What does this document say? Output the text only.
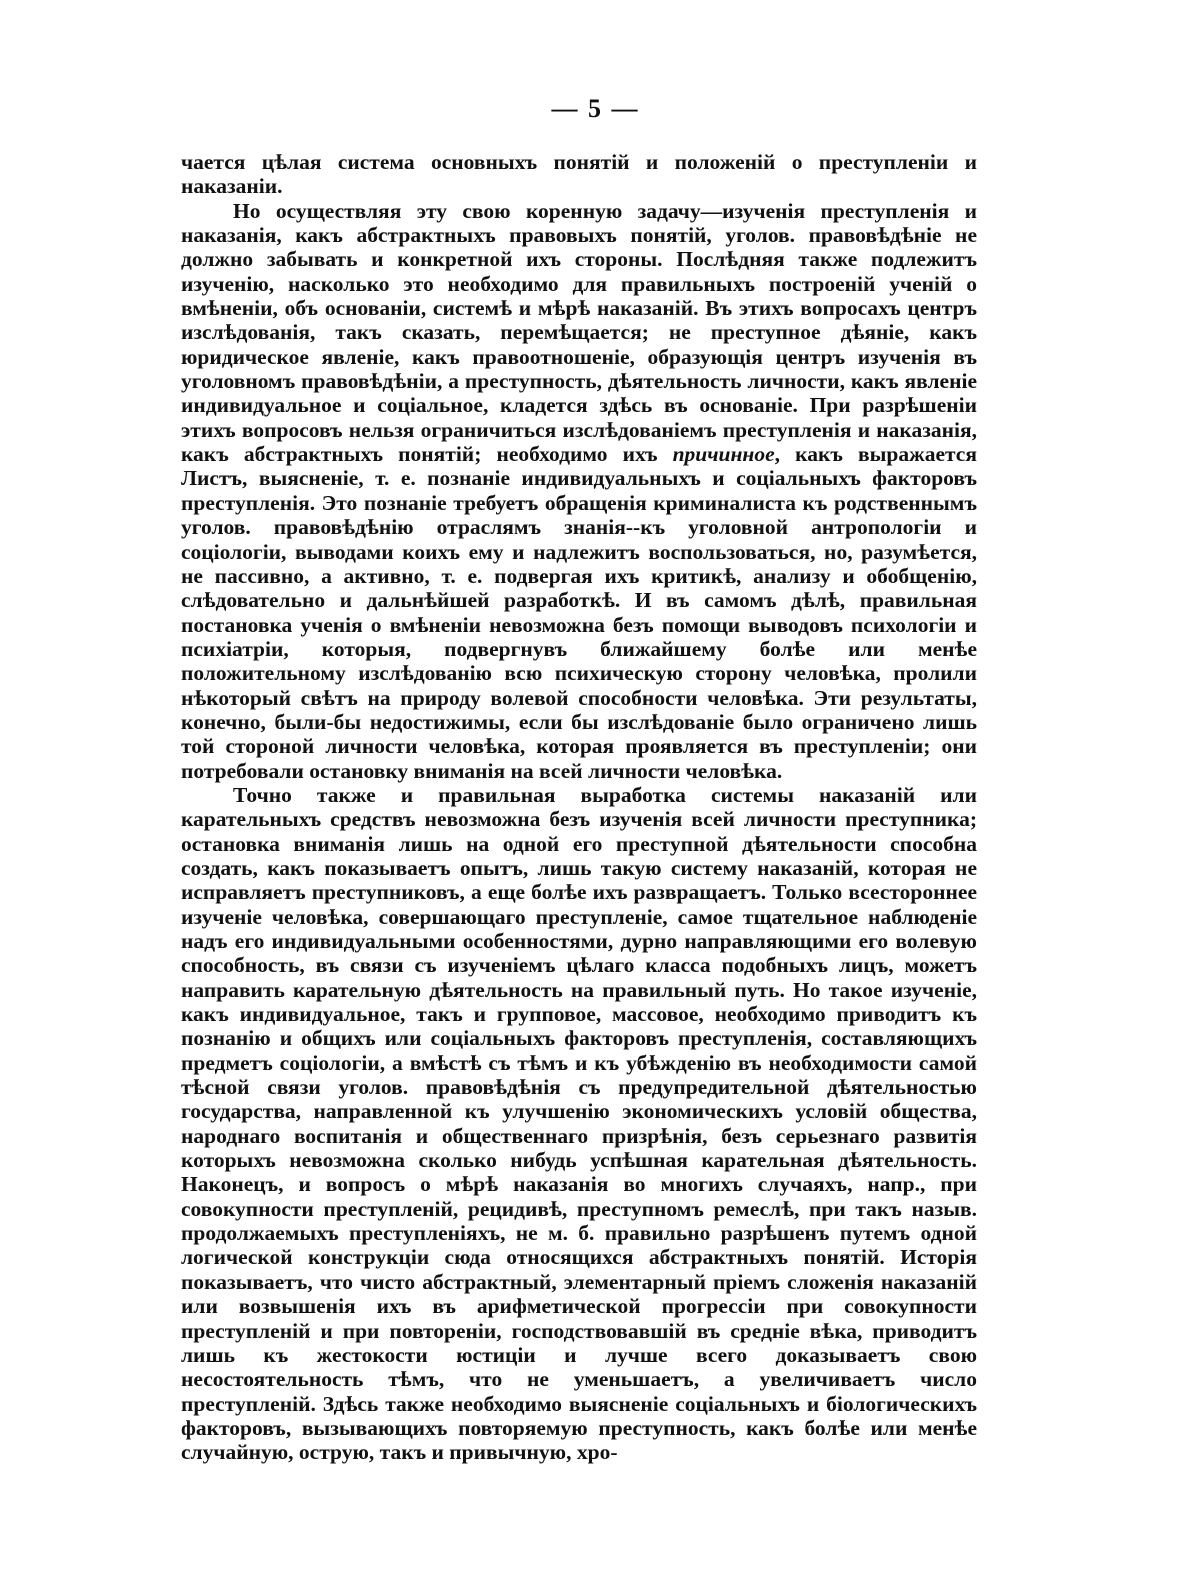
— 5 —

чается цѣлая система основныхъ понятій и положеній о преступленіи и наказаніи.

Но осуществляя эту свою коренную задачу—изученія преступленія и наказанія, какъ абстрактныхъ правовыхъ понятій, уголов. правовѣдѣніе не должно забывать и конкретной ихъ стороны. Послѣдняя также подлежитъ изученію, насколько это необходимо для правильныхъ построеній ученій о вмѣненіи, объ основаніи, системѣ и мѣрѣ наказаній. Въ этихъ вопросахъ центръ изслѣдованія, такъ сказать, перемѣщается; не преступное дѣяніе, какъ юридическое явленіе, какъ правоотношеніе, образующія центръ изученія въ уголовномъ правовѣдѣніи, а преступность, дѣятельность личности, какъ явленіе индивидуальное и соціальное, кладется здѣсь въ основаніе. При разрѣшеніи этихъ вопросовъ нельзя ограничиться изслѣдованіемъ преступленія и наказанія, какъ абстрактныхъ понятій; необходимо ихъ причинное, какъ выражается Листъ, выясненіе, т. е. познаніе индивидуальныхъ и соціальныхъ факторовъ преступленія. Это познаніе требуетъ обращенія криминалиста къ родственнымъ уголов. правовѣдѣнію отраслямъ знанія--къ уголовной антропологіи и соціологіи, выводами коихъ ему и надлежитъ воспользоваться, но, разумѣется, не пассивно, а активно, т. е. подвергая ихъ критикѣ, анализу и обобщенію, слѣдовательно и дальнѣйшей разработкѣ. И въ самомъ дѣлѣ, правильная постановка ученія о вмѣненіи невозможна безъ помощи выводовъ психологіи и психіатріи, которыя, подвергнувъ ближайшему болѣе или менѣе положительному изслѣдованію всю психическую сторону человѣка, пролили нѣкоторый свѣтъ на природу волевой способности человѣка. Эти результаты, конечно, были-бы недостижимы, если бы изслѣдованіе было ограничено лишь той стороной личности человѣка, которая проявляется въ преступленіи; они потребовали остановку вниманія на всей личности человѣка.

Точно также и правильная выработка системы наказаній или карательныхъ средствъ невозможна безъ изученія всей личности преступника; остановка вниманія лишь на одной его преступной дѣятельности способна создать, какъ показываетъ опытъ, лишь такую систему наказаній, которая не исправляетъ преступниковъ, а еще болѣе ихъ развращаетъ. Только всестороннее изученіе человѣка, совершающаго преступленіе, самое тщательное наблюденіе надъ его индивидуальными особенностями, дурно направляющими его волевую способность, въ связи съ изученіемъ цѣлаго класса подобныхъ лицъ, можетъ направить карательную дѣятельность на правильный путь. Но такое изученіе, какъ индивидуальное, такъ и групповое, массовое, необходимо приводитъ къ познанію и общихъ или соціальныхъ факторовъ преступленія, составляющихъ предметъ соціологіи, а вмѣстѣ съ тѣмъ и къ убѣжденію въ необходимости самой тѣсной связи уголов. правовѣдѣнія съ предупредительной дѣятельностью государства, направленной къ улучшенію экономическихъ условій общества, народнаго воспитанія и общественнаго призрѣнія, безъ серьезнаго развитія которыхъ невозможна сколько нибудь успѣшная карательная дѣятельность. Наконецъ, и вопросъ о мѣрѣ наказанія во многихъ случаяхъ, напр., при совокупности преступленій, рецидивѣ, преступномъ ремеслѣ, при такъ назыв. продолжаемыхъ преступленіяхъ, не м. б. правильно разрѣшенъ путемъ одной логической конструкціи сюда относящихся абстрактныхъ понятій. Исторія показываетъ, что чисто абстрактный, элементарный пріемъ сложенія наказаній или возвышенія ихъ въ арифметической прогрессіи при совокупности преступленій и при повтореніи, господствовавшій въ средніе вѣка, приводитъ лишь къ жестокости юстиціи и лучше всего доказываетъ свою несостоятельность тѣмъ, что не уменьшаетъ, а увеличиваетъ число преступленій. Здѣсь также необходимо выясненіе соціальныхъ и біологическихъ факторовъ, вызывающихъ повторяемую преступность, какъ болѣе или менѣе случайную, острую, такъ и привычную, хро-
